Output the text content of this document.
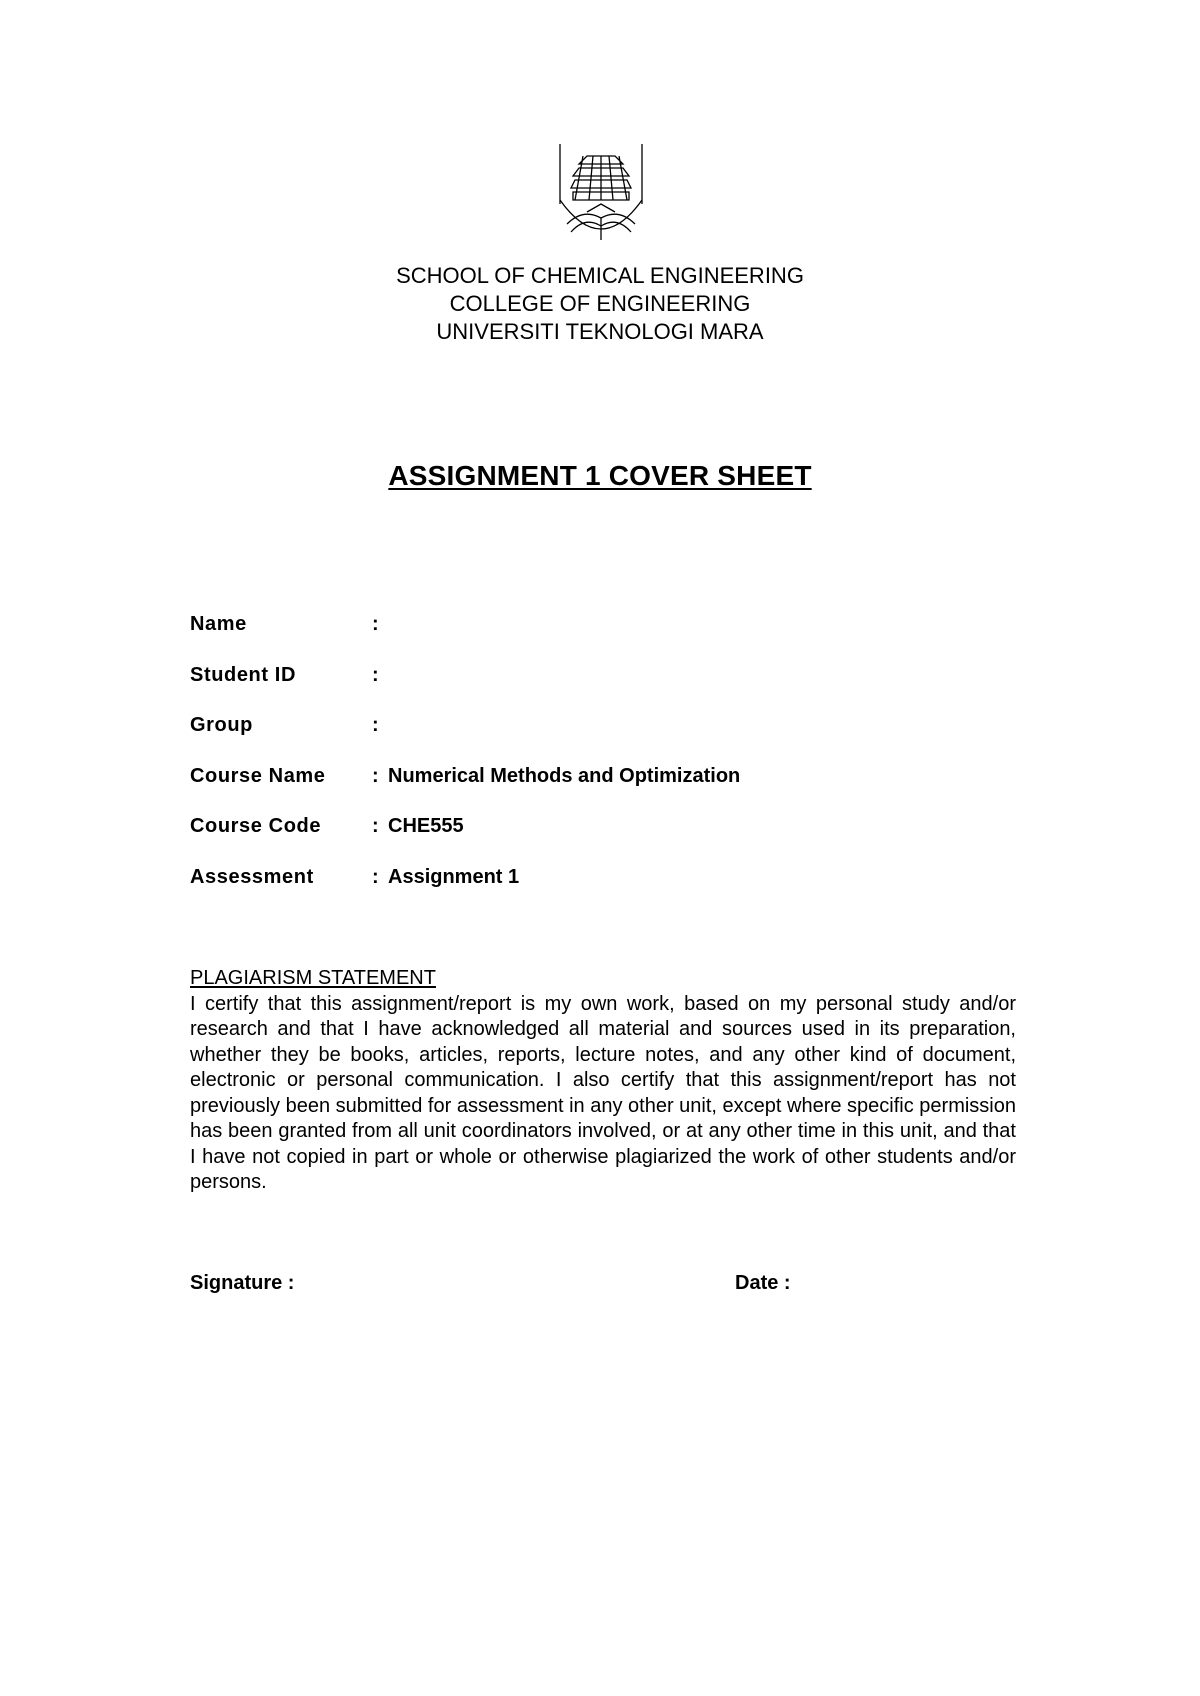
SCHOOL OF CHEMICAL ENGINEERING
COLLEGE OF ENGINEERING
UNIVERSITI TEKNOLOGI MARA
ASSIGNMENT 1 COVER SHEET
Name	:
Student ID	:
Group	:
Course Name : Numerical Methods and Optimization
Course Code	: CHE555
Assessment	: Assignment 1
PLAGIARISM STATEMENT
I certify that this assignment/report is my own work, based on my personal study and/or research and that I have acknowledged all material and sources used in its preparation, whether they be books, articles, reports, lecture notes, and any other kind of document, electronic or personal communication. I also certify that this assignment/report has not previously been submitted for assessment in any other unit, except where specific permission has been granted from all unit coordinators involved, or at any other time in this unit, and that I have not copied in part or whole or otherwise plagiarized the work of other students and/or persons.
Signature :	Date :
